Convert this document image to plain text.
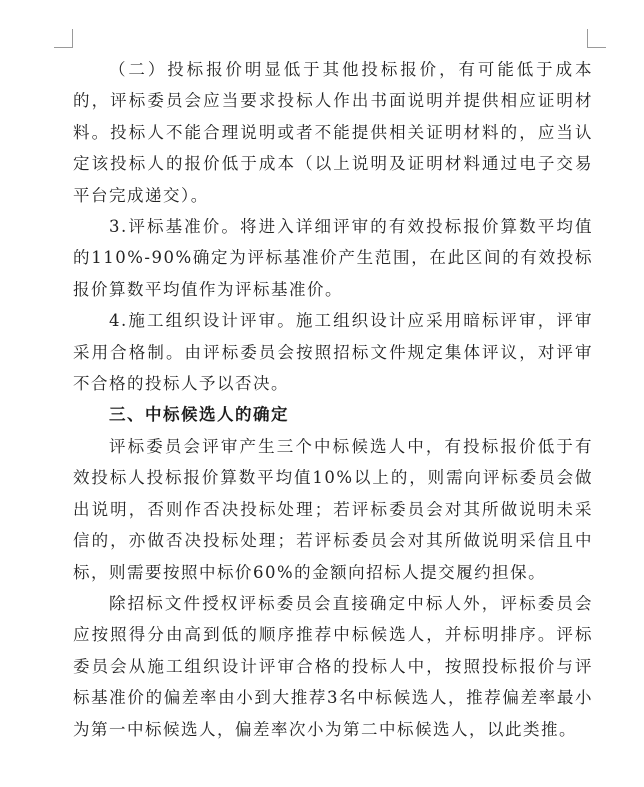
（二）投标报价明显低于其他投标报价，有可能低于成本的，评标委员会应当要求投标人作出书面说明并提供相应证明材料。投标人不能合理说明或者不能提供相关证明材料的，应当认定该投标人的报价低于成本（以上说明及证明材料通过电子交易平台完成递交）。

3.评标基准价。将进入详细评审的有效投标报价算数平均值的110%-90%确定为评标基准价产生范围，在此区间的有效投标报价算数平均值作为评标基准价。

4.施工组织设计评审。施工组织设计应采用暗标评审，评审采用合格制。由评标委员会按照招标文件规定集体评议，对评审不合格的投标人予以否决。

三、中标候选人的确定

评标委员会评审产生三个中标候选人中，有投标报价低于有效投标人投标报价算数平均值10%以上的，则需向评标委员会做出说明，否则作否决投标处理；若评标委员会对其所做说明未采信的，亦做否决投标处理；若评标委员会对其所做说明采信且中标，则需要按照中标价60%的金额向招标人提交履约担保。

除招标文件授权评标委员会直接确定中标人外，评标委员会应按照得分由高到低的顺序推荐中标候选人，并标明排序。评标委员会从施工组织设计评审合格的投标人中，按照投标报价与评标基准价的偏差率由小到大推荐3名中标候选人，推荐偏差率最小为第一中标候选人，偏差率次小为第二中标候选人，以此类推。
